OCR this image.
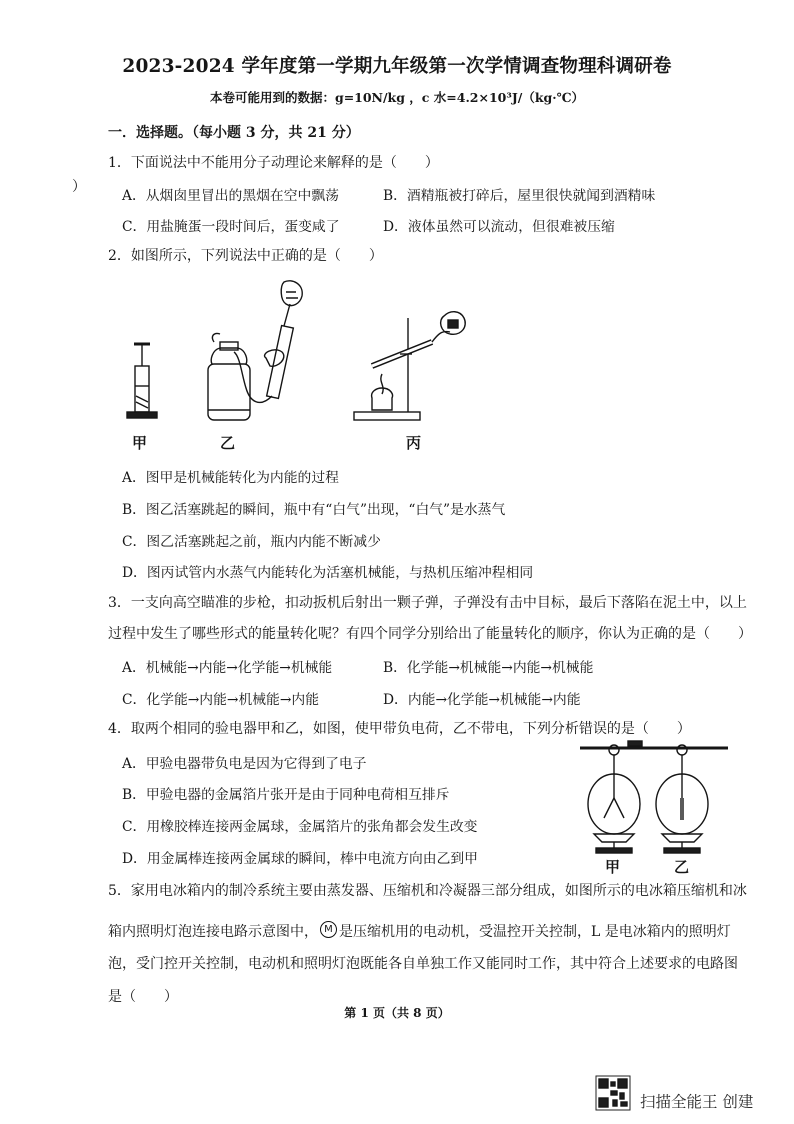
2023-2024 学年度第一学期九年级第一次学情调查物理科调研卷
本卷可能用到的数据：g=10N/kg ，c 水=4.2×10³J/（kg·℃）
一．选择题。（每小题 3 分，共 21 分）
）
1．下面说法中不能用分子动理论来解释的是（　　）
A．从烟囱里冒出的黑烟在空中飘荡	B．酒精瓶被打碎后，屋里很快就闻到酒精味
C．用盐腌蛋一段时间后，蛋变咸了	D．液体虽然可以流动，但很难被压缩
2．如图所示，下列说法中正确的是（　　）
甲	乙	丙
A．图甲是机械能转化为内能的过程
B．图乙活塞跳起的瞬间，瓶中有“白气”出现，“白气”是水蒸气
C．图乙活塞跳起之前，瓶内内能不断减少
D．图丙试管内水蒸气内能转化为活塞机械能，与热机压缩冲程相同
3．一支向高空瞄准的步枪，扣动扳机后射出一颗子弹，子弹没有击中目标，最后下落陷在泥土中，以上
过程中发生了哪些形式的能量转化呢？有四个同学分别给出了能量转化的顺序，你认为正确的是（　　）
A．机械能→内能→化学能→机械能	B．化学能→机械能→内能→机械能
C．化学能→内能→机械能→内能	D．内能→化学能→机械能→内能
4．取两个相同的验电器甲和乙，如图，使甲带负电荷，乙不带电，下列分析错误的是（　　）
A．甲验电器带负电是因为它得到了电子
B．甲验电器的金属箔片张开是由于同种电荷相互排斥
C．用橡胶棒连接两金属球，金属箔片的张角都会发生改变
D．用金属棒连接两金属球的瞬间，棒中电流方向由乙到甲	甲	乙
5．家用电冰箱内的制冷系统主要由蒸发器、压缩机和冷凝器三部分组成，如图所示的电冰箱压缩机和冰
箱内照明灯泡连接电路示意图中， M 是压缩机用的电动机，受温控开关控制，L 是电冰箱内的照明灯
泡，受门控开关控制，电动机和照明灯泡既能各自单独工作又能同时工作，其中符合上述要求的电路图
是（　　）
第 1 页（共 8 页）
扫描全能王 创建
